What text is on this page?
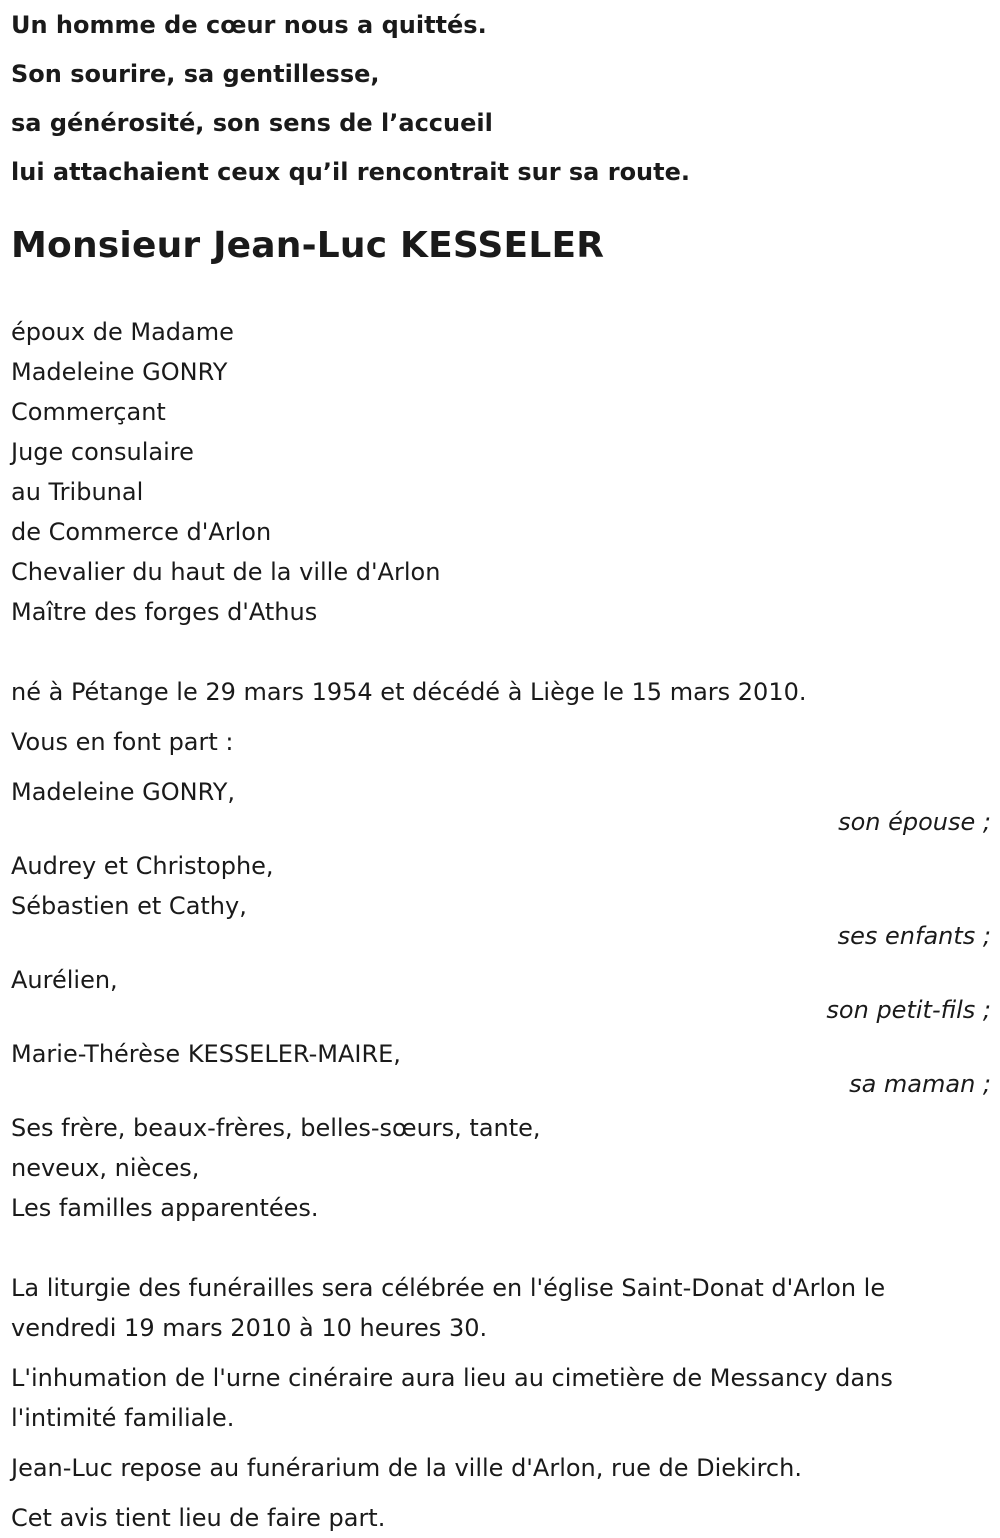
Un homme de cœur nous a quittés.
Son sourire, sa gentillesse,
sa générosité, son sens de l’accueil
lui attachaient ceux qu’il rencontrait sur sa route.
Monsieur Jean-Luc KESSELER
époux de Madame
Madeleine GONRY
Commerçant
Juge consulaire
au Tribunal
de Commerce d'Arlon
Chevalier du haut de la ville d'Arlon
Maître des forges d'Athus
né à Pétange le 29 mars 1954 et décédé à Liège le 15 mars 2010.
Vous en font part :
Madeleine GONRY,
son épouse ;
Audrey et Christophe,
Sébastien et Cathy,
ses enfants ;
Aurélien,
son petit-fils ;
Marie-Thérèse KESSELER-MAIRE,
sa maman ;
Ses frère, beaux-frères, belles-sœurs, tante,
neveux, nièces,
Les familles apparentées.
La liturgie des funérailles sera célébrée en l'église Saint-Donat d'Arlon le vendredi 19 mars 2010 à 10 heures 30.
L'inhumation de l'urne cinéraire aura lieu au cimetière de Messancy dans l'intimité familiale.
Jean-Luc repose au funérarium de la ville d'Arlon, rue de Diekirch.
Cet avis tient lieu de faire part.
